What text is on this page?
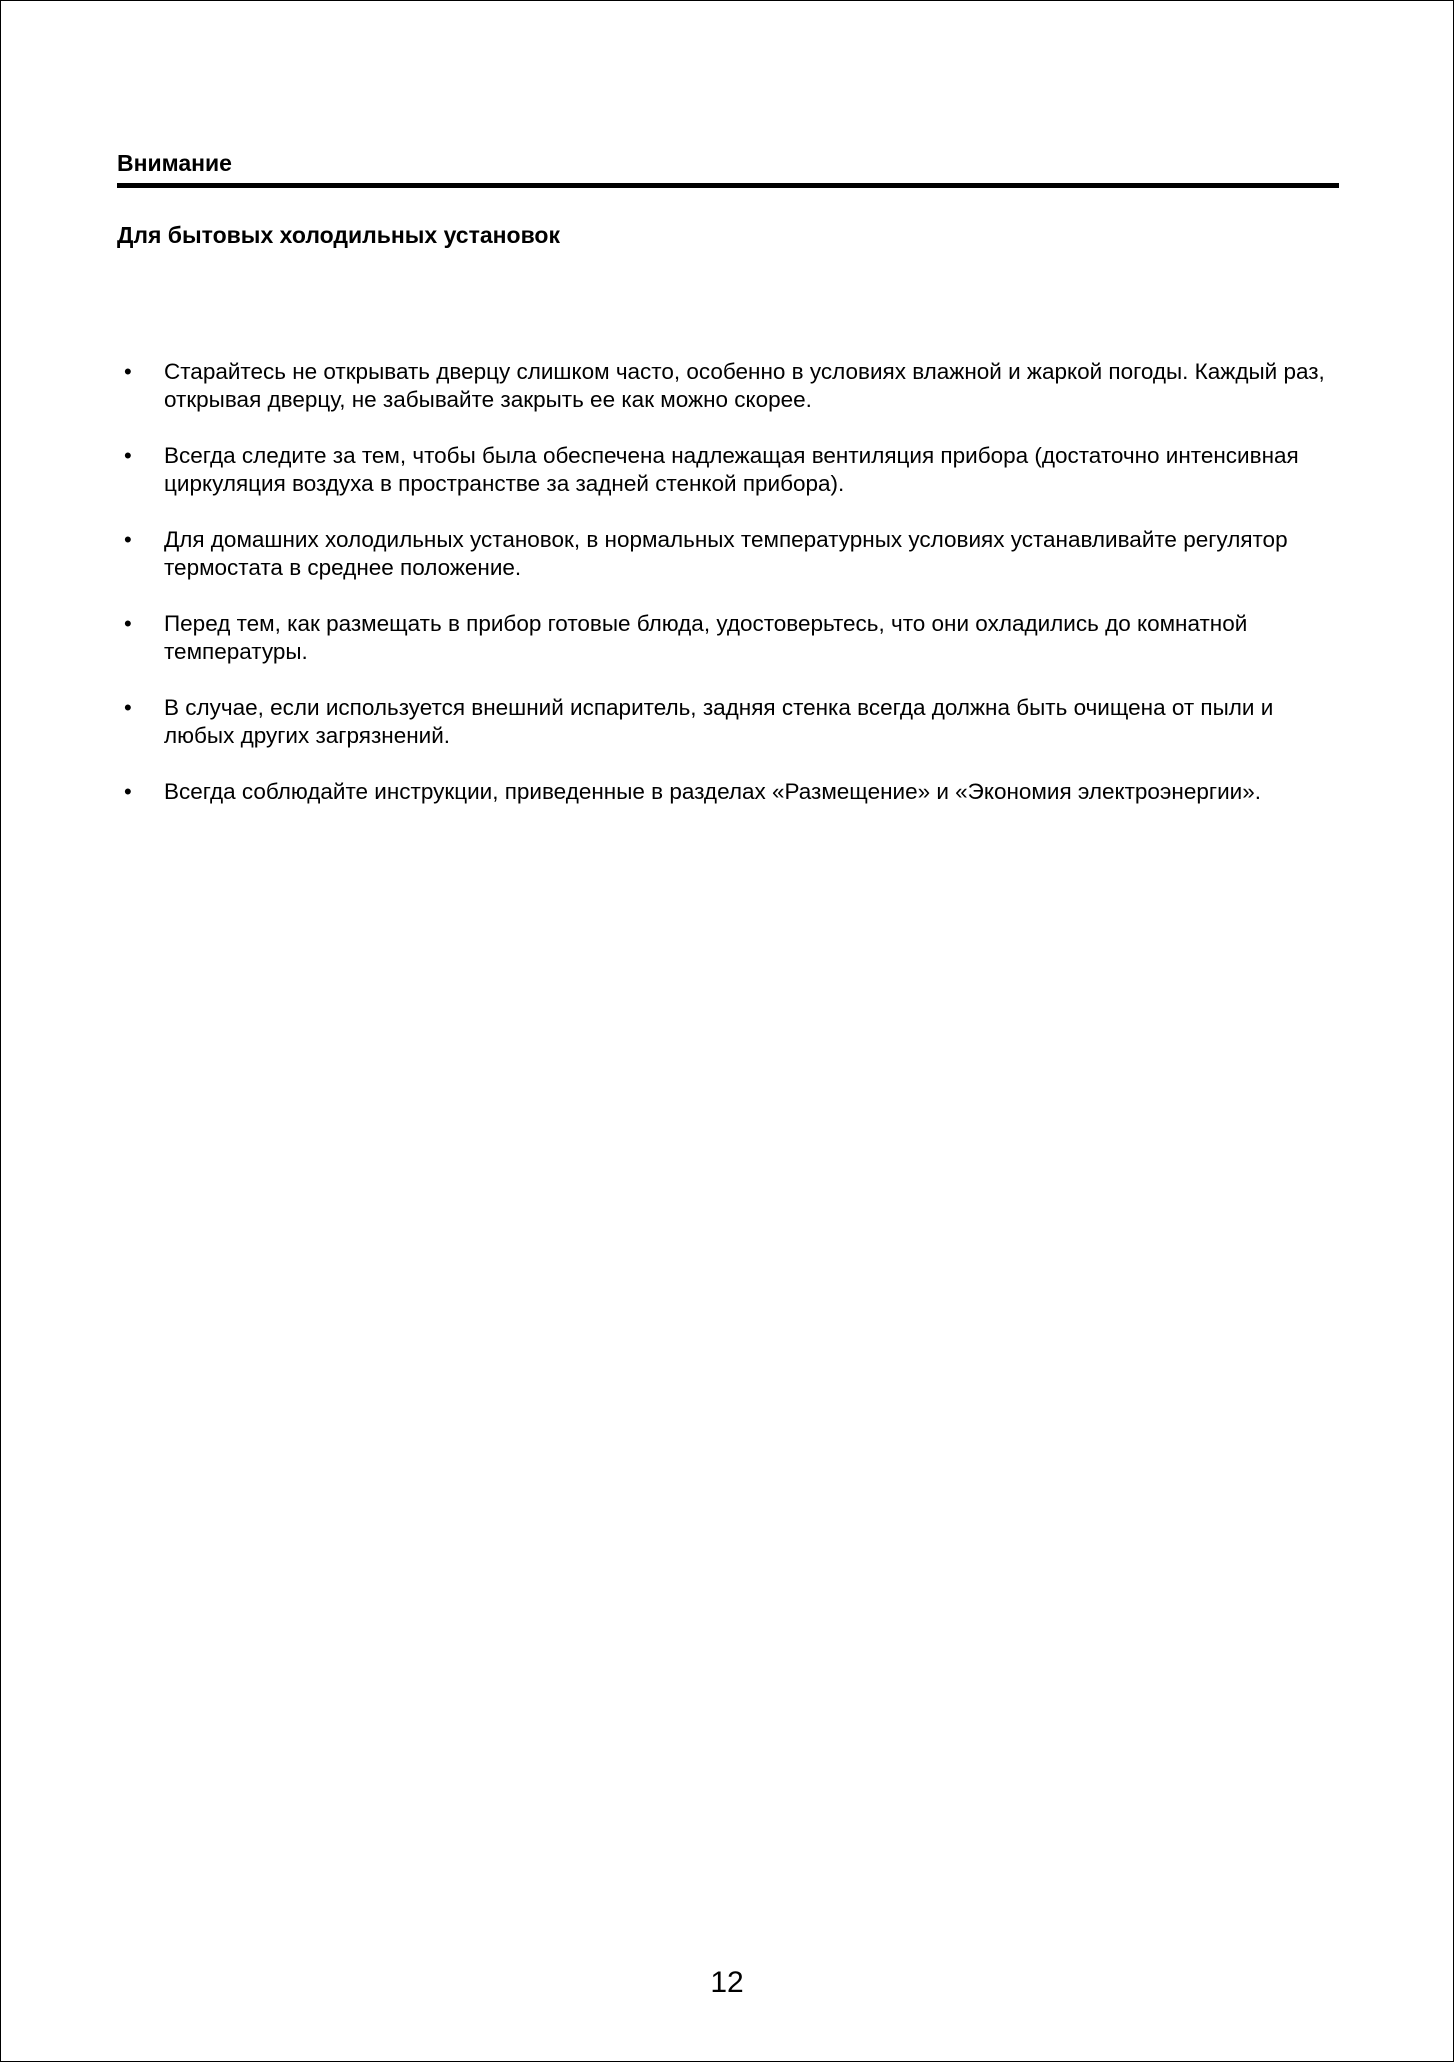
Внимание
Для бытовых холодильных установок
•	Старайтесь не открывать дверцу слишком часто, особенно в условиях влажной и жаркой погоды. Каждый раз, открывая дверцу, не забывайте закрыть ее как можно скорее.
•	Всегда следите за тем, чтобы была обеспечена надлежащая вентиляция прибора (достаточно интенсивная циркуляция воздуха в пространстве за задней стенкой прибора).
•	Для домашних холодильных установок, в нормальных температурных условиях устанавливайте регулятор термостата в среднее положение.
•	Перед тем, как размещать в прибор готовые блюда, удостоверьтесь, что они охладились до комнатной температуры.
•	В случае, если используется внешний испаритель, задняя стенка всегда должна быть очищена от пыли и любых других загрязнений.
•	Всегда соблюдайте инструкции, приведенные в разделах «Размещение» и «Экономия электроэнергии».
12
